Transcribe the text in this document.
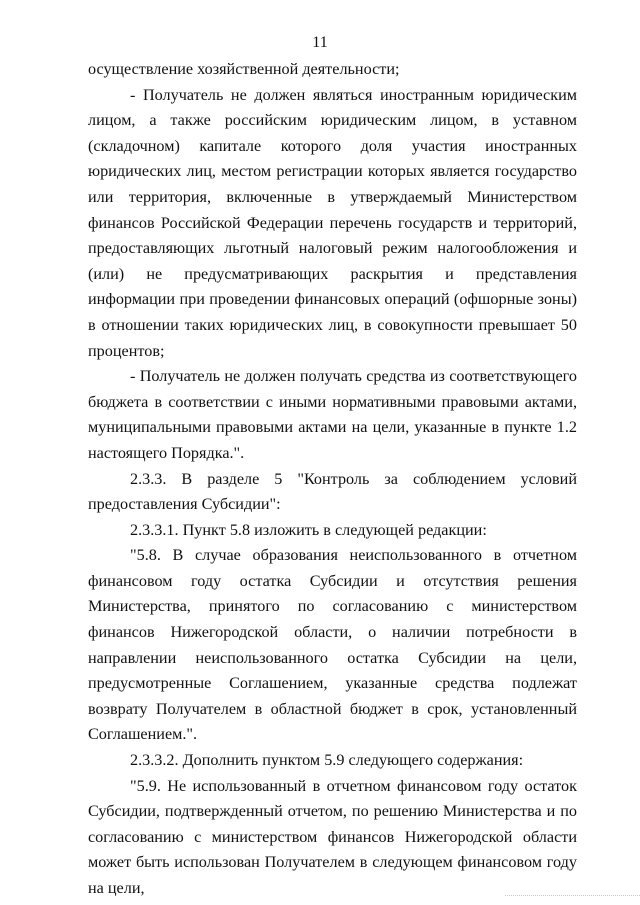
11

осуществление хозяйственной деятельности;

- Получатель не должен являться иностранным юридическим лицом, а также российским юридическим лицом, в уставном (складочном) капитале которого доля участия иностранных юридических лиц, местом регистрации которых является государство или территория, включенные в утверждаемый Министерством финансов Российской Федерации перечень государств и территорий, предоставляющих льготный налоговый режим налогообложения и (или) не предусматривающих раскрытия и представления информации при проведении финансовых операций (офшорные зоны) в отношении таких юридических лиц, в совокупности превышает 50 процентов;

- Получатель не должен получать средства из соответствующего бюджета в соответствии с иными нормативными правовыми актами, муниципальными правовыми актами на цели, указанные в пункте 1.2 настоящего Порядка.".

2.3.3. В разделе 5 "Контроль за соблюдением условий предоставления Субсидии":

2.3.3.1. Пункт 5.8 изложить в следующей редакции:

"5.8. В случае образования неиспользованного в отчетном финансовом году остатка Субсидии и отсутствия решения Министерства, принятого по согласованию с министерством финансов Нижегородской области, о наличии потребности в направлении неиспользованного остатка Субсидии на цели, предусмотренные Соглашением, указанные средства подлежат возврату Получателем в областной бюджет в срок, установленный Соглашением.".

2.3.3.2. Дополнить пунктом 5.9 следующего содержания:

"5.9. Не использованный в отчетном финансовом году остаток Субсидии, подтвержденный отчетом, по решению Министерства и по согласованию с министерством финансов Нижегородской области может быть использован Получателем в следующем финансовом году на цели,
